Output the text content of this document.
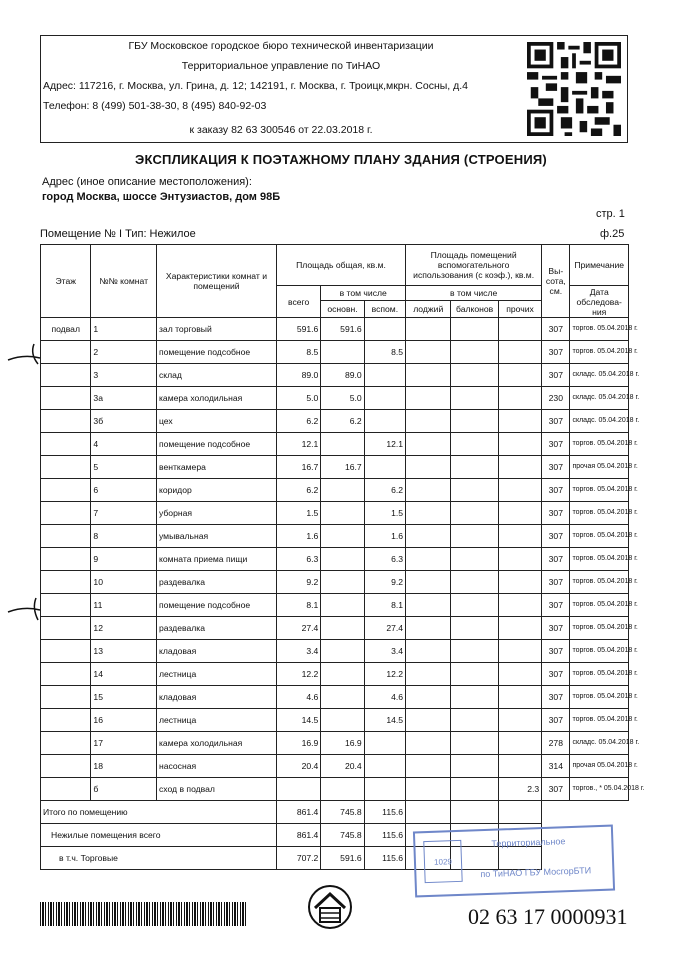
ГБУ Московское городское бюро технической инвентаризации
Территориальное управление по ТиНАО
Адрес: 117216, г. Москва, ул. Грина, д. 12; 142191, г. Москва, г. Троицк,мкрн. Сосны, д.4
Телефон: 8 (499) 501-38-30, 8 (495) 840-92-03
к заказу 82 63 300546 от 22.03.2018 г.
ЭКСПЛИКАЦИЯ К ПОЭТАЖНОМУ ПЛАНУ ЗДАНИЯ (СТРОЕНИЯ)
Адрес (иное описание местоположения):
город Москва, шоссе Энтузиастов, дом 98Б
стр. 1
Помещение № I Тип: Нежилое	ф.25
Этаж	№№ комнат	Характеристики комнат и помещений	Площадь общая, кв.м.			Площадь помещений вспомогательного использования (с коэф.), кв.м.			Вы-сота, см.	Примечание
			всего	в том числе		в том числе				Дата обследова-ния
				основн.	вспом.	лоджий	балконов	прочих		
подвал	1	зал торговый	591.6	591.6					307	торгов. 05.04.2018 г.
	2	помещение подсобное	8.5		8.5				307	торгов. 05.04.2018 г.
	3	склад	89.0	89.0					307	складс. 05.04.2018 г.
	3а	камера холодильная	5.0	5.0					230	складс. 05.04.2018 г.
	3б	цех	6.2	6.2					307	складс. 05.04.2018 г.
	4	помещение подсобное	12.1		12.1				307	торгов. 05.04.2018 г.
	5	венткамера	16.7	16.7					307	прочая 05.04.2018 г.
	6	коридор	6.2		6.2				307	торгов. 05.04.2018 г.
	7	уборная	1.5		1.5				307	торгов. 05.04.2018 г.
	8	умывальная	1.6		1.6				307	торгов. 05.04.2018 г.
	9	комната приема пищи	6.3		6.3				307	торгов. 05.04.2018 г.
	10	раздевалка	9.2		9.2				307	торгов. 05.04.2018 г.
	11	помещение подсобное	8.1		8.1				307	торгов. 05.04.2018 г.
	12	раздевалка	27.4		27.4				307	торгов. 05.04.2018 г.
	13	кладовая	3.4		3.4				307	торгов. 05.04.2018 г.
	14	лестница	12.2		12.2				307	торгов. 05.04.2018 г.
	15	кладовая	4.6		4.6				307	торгов. 05.04.2018 г.
	16	лестница	14.5		14.5				307	торгов. 05.04.2018 г.
	17	камера холодильная	16.9	16.9					278	складс. 05.04.2018 г.
	18	насосная	20.4	20.4					314	прочая 05.04.2018 г.
	б	сход в подвал						2.3	307	торгов., * 05.04.2018 г.
Итого по помещению			861.4	745.8	115.6					
Нежилые помещения всего			861.4	745.8	115.6					
в т.ч. Торговые			707.2	591.6	115.6						1029
Территориальное
по ТиНАО ГБУ МосгорБТИ
02 63 17 0000931
